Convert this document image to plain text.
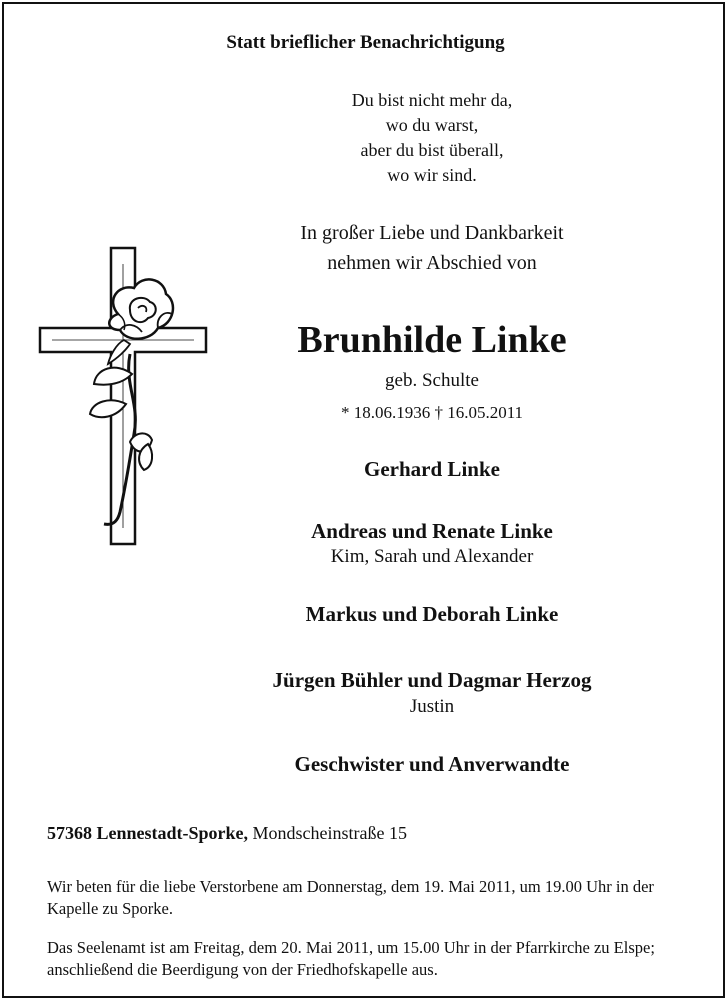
Statt brieflicher Benachrichtigung
Du bist nicht mehr da,
wo du warst,
aber du bist überall,
wo wir sind.
In großer Liebe und Dankbarkeit
nehmen wir Abschied von
Brunhilde Linke
geb. Schulte
* 18.06.1936 † 16.05.2011
Gerhard Linke
Andreas und Renate Linke
Kim, Sarah und Alexander
Markus und Deborah Linke
Jürgen Bühler und Dagmar Herzog
Justin
Geschwister und Anverwandte
57368 Lennestadt-Sporke, Mondscheinstraße 15
Wir beten für die liebe Verstorbene am Donnerstag, dem 19. Mai 2011, um 19.00 Uhr in der Kapelle zu Sporke.
Das Seelenamt ist am Freitag, dem 20. Mai 2011, um 15.00 Uhr in der Pfarrkirche zu Elspe; anschließend die Beerdigung von der Friedhofskapelle aus.
